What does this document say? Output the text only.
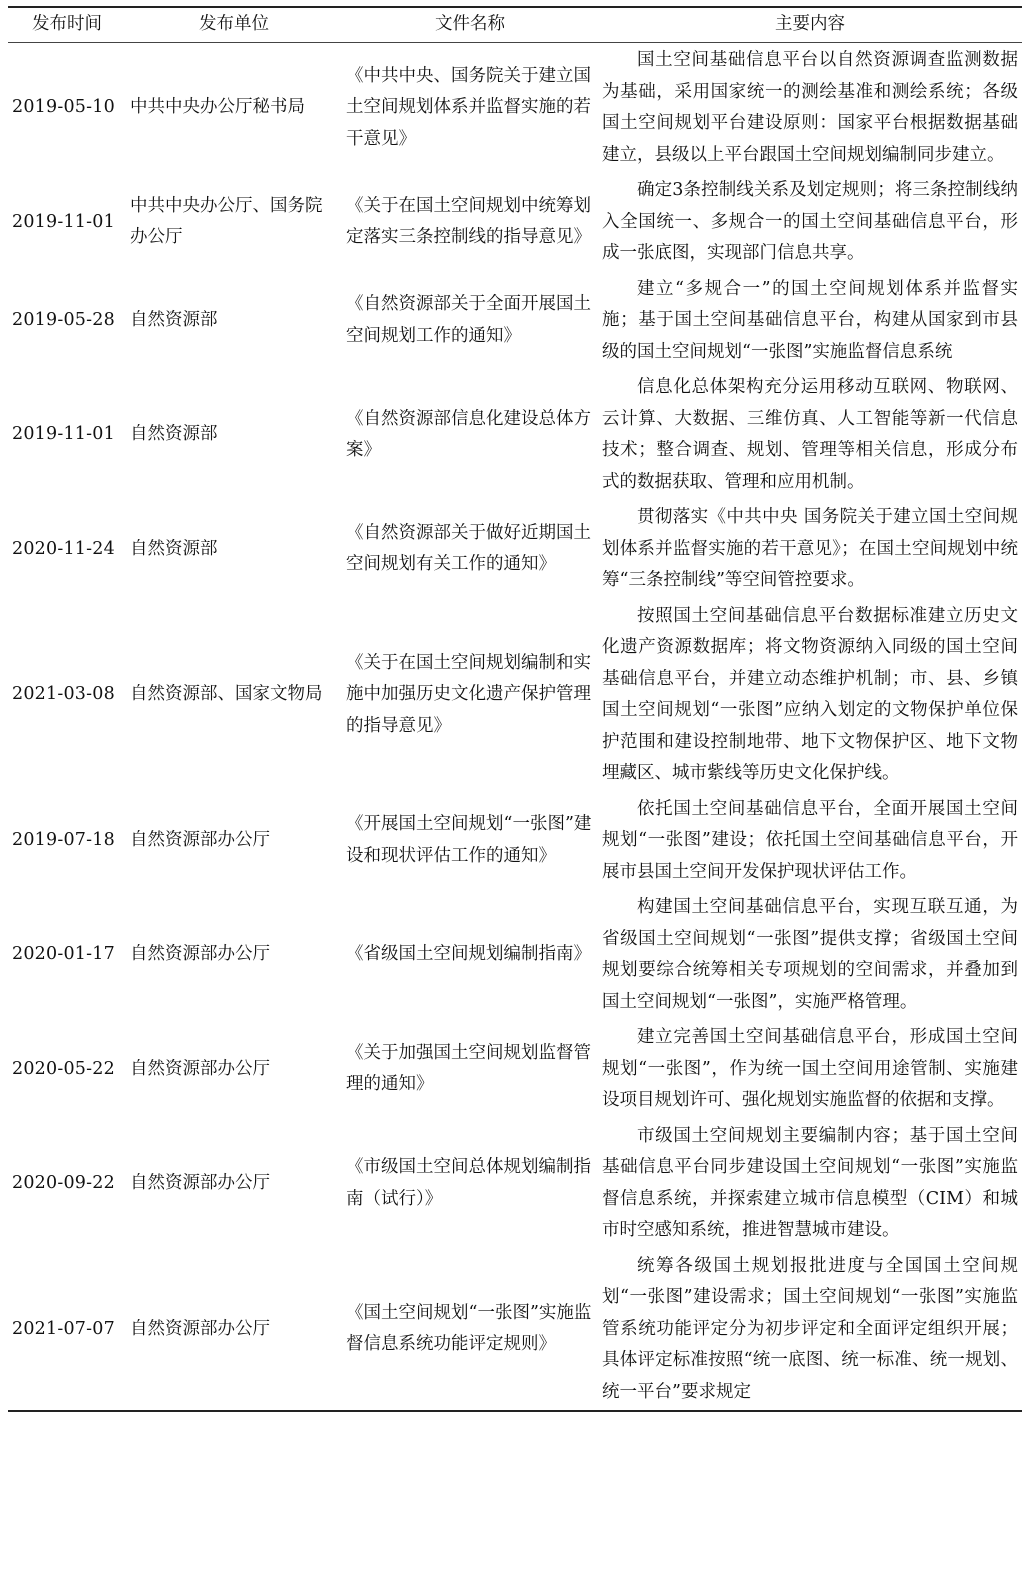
发布时间	发布单位	文件名称	主要内容
2019-05-10	中共中央办公厅秘书局	《中共中央、国务院关于建立国土空间规划体系并监督实施的若干意见》	国土空间基础信息平台以自然资源调查监测数据为基础，采用国家统一的测绘基准和测绘系统；各级国土空间规划平台建设原则：国家平台根据数据基础建立，县级以上平台跟国土空间规划编制同步建立。
2019-11-01	中共中央办公厅、国务院办公厅	《关于在国土空间规划中统筹划定落实三条控制线的指导意见》	确定3条控制线关系及划定规则；将三条控制线纳入全国统一、多规合一的国土空间基础信息平台，形成一张底图，实现部门信息共享。
2019-05-28	自然资源部	《自然资源部关于全面开展国土空间规划工作的通知》	建立“多规合一”的国土空间规划体系并监督实施；基于国土空间基础信息平台，构建从国家到市县级的国土空间规划“一张图”实施监督信息系统
2019-11-01	自然资源部	《自然资源部信息化建设总体方案》	信息化总体架构充分运用移动互联网、物联网、云计算、大数据、三维仿真、人工智能等新一代信息技术；整合调查、规划、管理等相关信息，形成分布式的数据获取、管理和应用机制。
2020-11-24	自然资源部	《自然资源部关于做好近期国土空间规划有关工作的通知》	贯彻落实《中共中央 国务院关于建立国土空间规划体系并监督实施的若干意见》；在国土空间规划中统筹“三条控制线”等空间管控要求。
2021-03-08	自然资源部、国家文物局	《关于在国土空间规划编制和实施中加强历史文化遗产保护管理的指导意见》	按照国土空间基础信息平台数据标准建立历史文化遗产资源数据库；将文物资源纳入同级的国土空间基础信息平台，并建立动态维护机制；市、县、乡镇国土空间规划“一张图”应纳入划定的文物保护单位保护范围和建设控制地带、地下文物保护区、地下文物埋藏区、城市紫线等历史文化保护线。
2019-07-18	自然资源部办公厅	《开展国土空间规划“一张图”建设和现状评估工作的通知》	依托国土空间基础信息平台，全面开展国土空间规划“一张图”建设；依托国土空间基础信息平台，开展市县国土空间开发保护现状评估工作。
2020-01-17	自然资源部办公厅	《省级国土空间规划编制指南》	构建国土空间基础信息平台，实现互联互通，为省级国土空间规划“一张图”提供支撑；省级国土空间规划要综合统筹相关专项规划的空间需求，并叠加到国土空间规划“一张图”，实施严格管理。
2020-05-22	自然资源部办公厅	《关于加强国土空间规划监督管理的通知》	建立完善国土空间基础信息平台，形成国土空间规划“一张图”，作为统一国土空间用途管制、实施建设项目规划许可、强化规划实施监督的依据和支撑。
2020-09-22	自然资源部办公厅	《市级国土空间总体规划编制指南（试行）》	市级国土空间规划主要编制内容；基于国土空间基础信息平台同步建设国土空间规划“一张图”实施监督信息系统，并探索建立城市信息模型（CIM）和城市时空感知系统，推进智慧城市建设。
2021-07-07	自然资源部办公厅	《国土空间规划“一张图”实施监督信息系统功能评定规则》	统筹各级国土规划报批进度与全国国土空间规划“一张图”建设需求；国土空间规划“一张图”实施监管系统功能评定分为初步评定和全面评定组织开展；具体评定标准按照“统一底图、统一标准、统一规划、统一平台”要求规定
